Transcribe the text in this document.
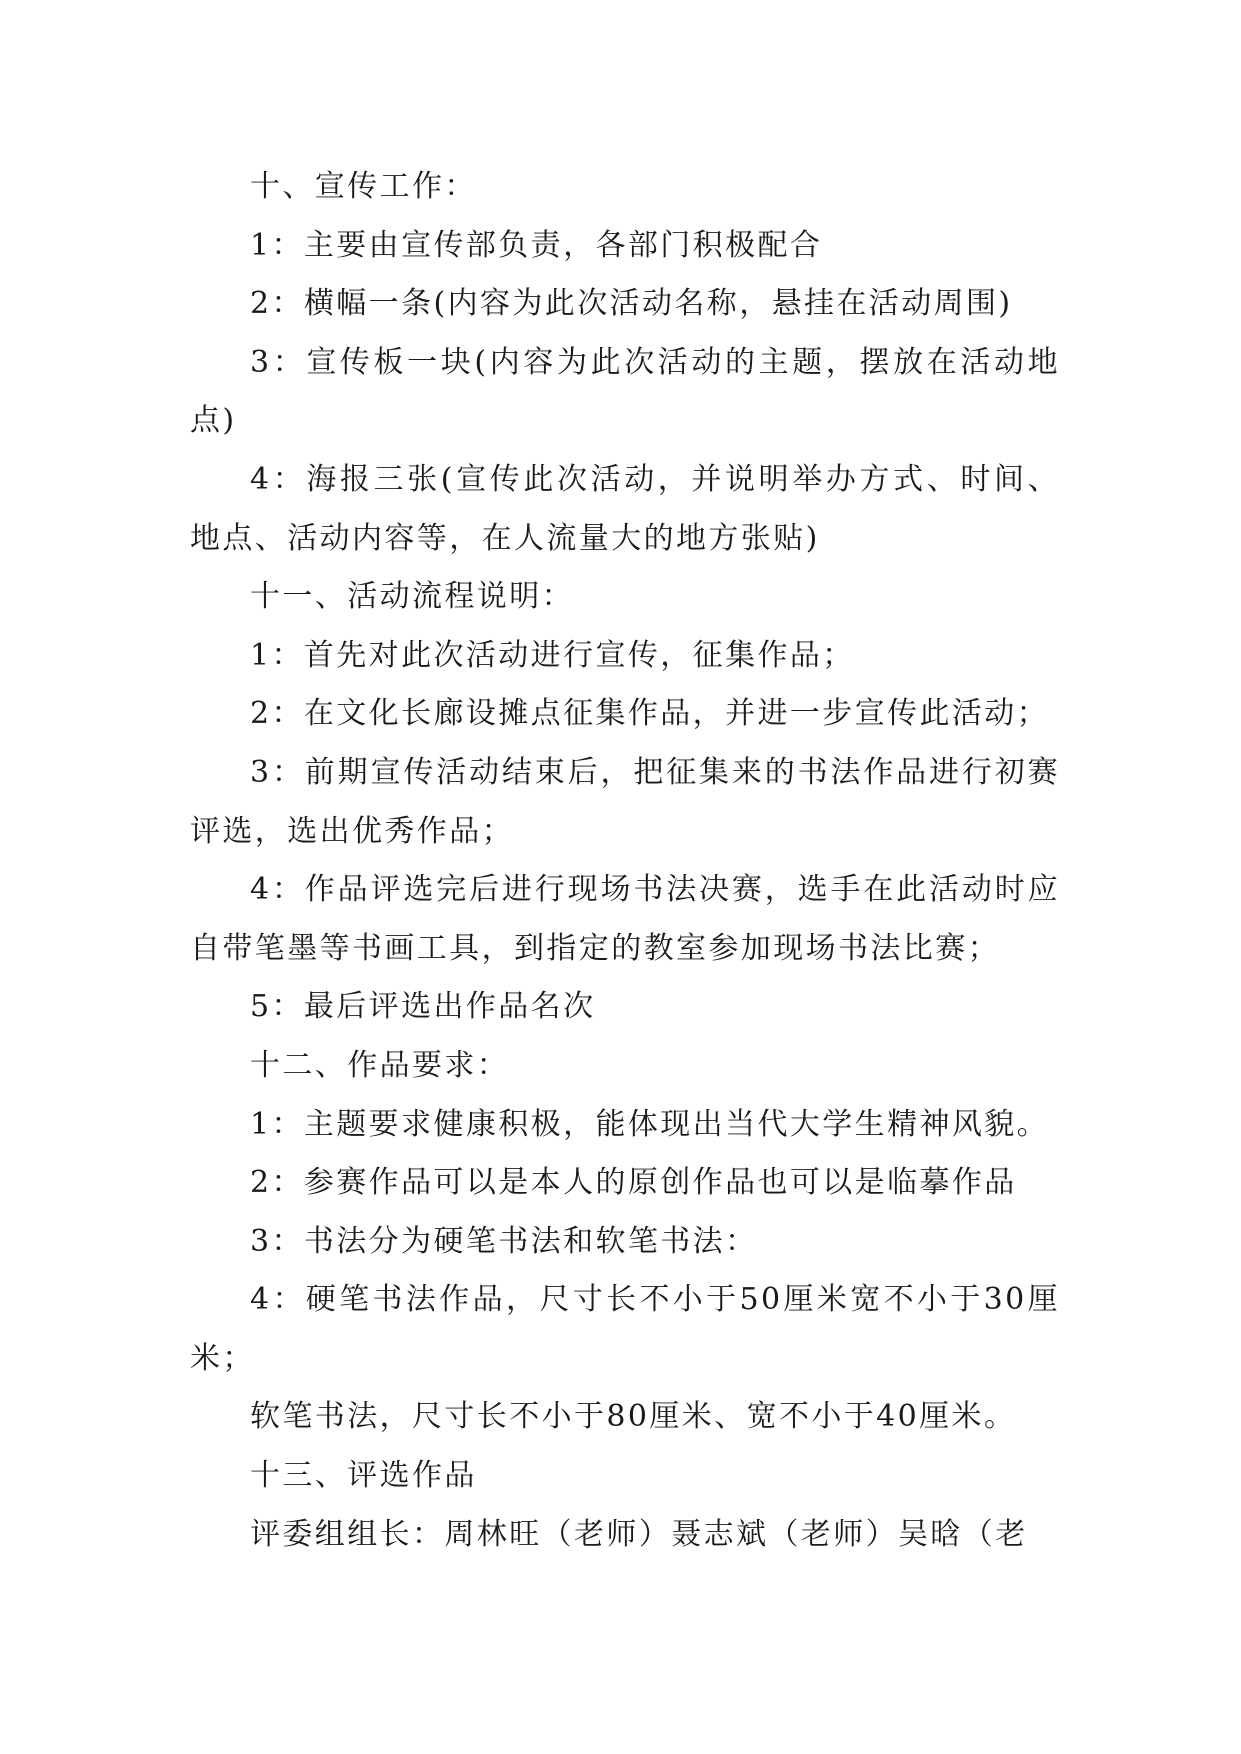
十、宣传工作：

1：主要由宣传部负责，各部门积极配合

2：横幅一条(内容为此次活动名称，悬挂在活动周围)

3：宣传板一块(内容为此次活动的主题，摆放在活动地点)

4：海报三张(宣传此次活动，并说明举办方式、时间、地点、活动内容等，在人流量大的地方张贴)

十一、活动流程说明：

1：首先对此次活动进行宣传，征集作品；

2：在文化长廊设摊点征集作品，并进一步宣传此活动；

3：前期宣传活动结束后，把征集来的书法作品进行初赛评选，选出优秀作品；

4：作品评选完后进行现场书法决赛，选手在此活动时应自带笔墨等书画工具，到指定的教室参加现场书法比赛；

5：最后评选出作品名次

十二、作品要求：

1：主题要求健康积极，能体现出当代大学生精神风貌。

2：参赛作品可以是本人的原创作品也可以是临摹作品

3：书法分为硬笔书法和软笔书法：

4：硬笔书法作品，尺寸长不小于50厘米宽不小于30厘米；

软笔书法，尺寸长不小于80厘米、宽不小于40厘米。

十三、评选作品

评委组组长：周林旺（老师）聂志斌（老师）吴晗（老
